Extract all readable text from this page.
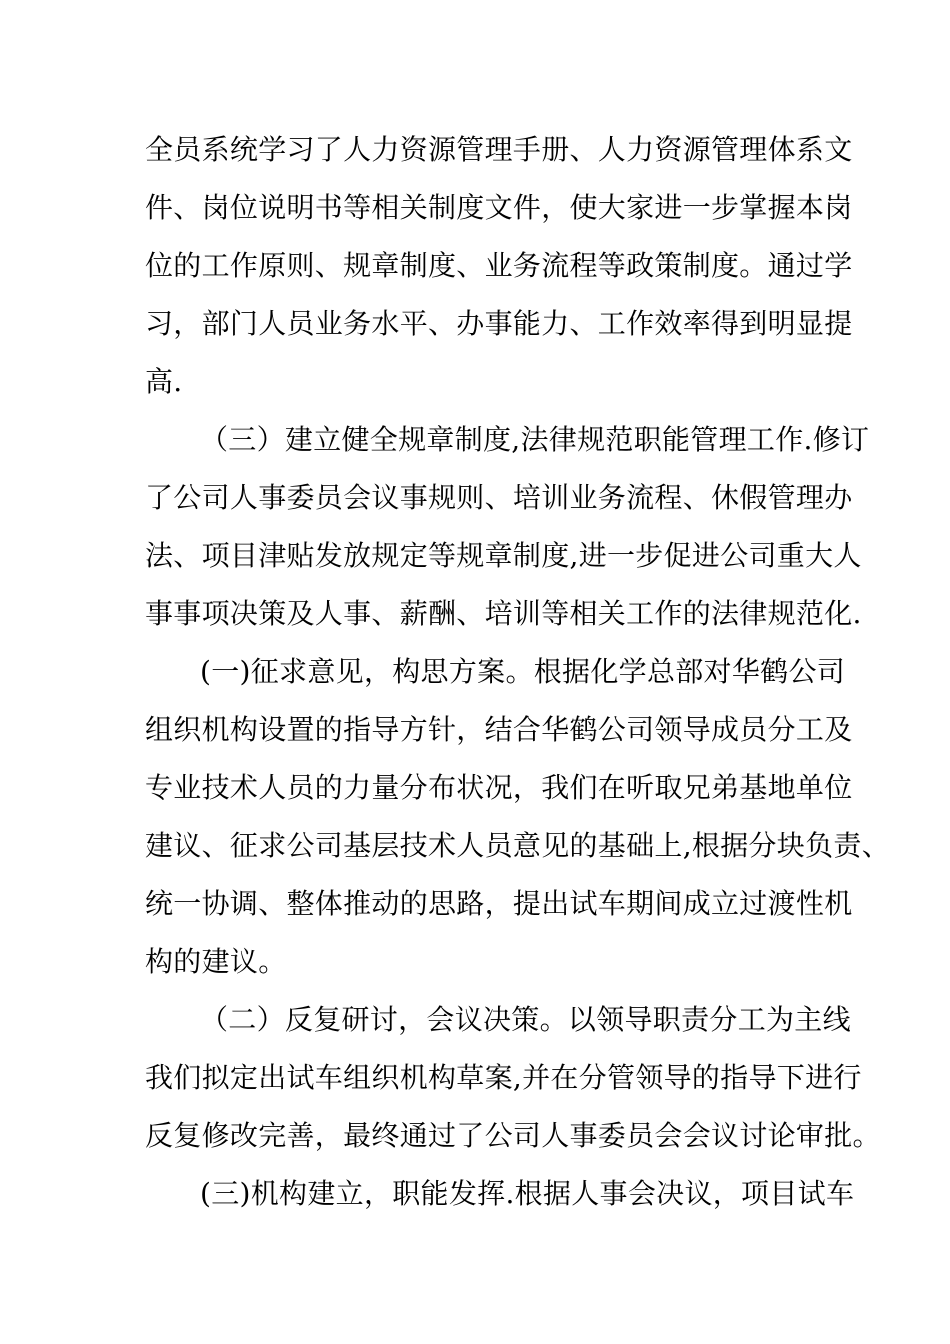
全员系统学习了人力资源管理手册、人力资源管理体系文
件、岗位说明书等相关制度文件，使大家进一步掌握本岗
位的工作原则、规章制度、业务流程等政策制度。通过学
习，部门人员业务水平、办事能力、工作效率得到明显提
高.
（三）建立健全规章制度,法律规范职能管理工作.修订
了公司人事委员会议事规则、培训业务流程、休假管理办
法、项目津贴发放规定等规章制度,进一步促进公司重大人
事事项决策及人事、薪酬、培训等相关工作的法律规范化.
(一)征求意见，构思方案。根据化学总部对华鹤公司
组织机构设置的指导方针，结合华鹤公司领导成员分工及
专业技术人员的力量分布状况，我们在听取兄弟基地单位
建议、征求公司基层技术人员意见的基础上,根据分块负责、
统一协调、整体推动的思路，提出试车期间成立过渡性机
构的建议。
（二）反复研讨，会议决策。以领导职责分工为主线
我们拟定出试车组织机构草案,并在分管领导的指导下进行
反复修改完善，最终通过了公司人事委员会会议讨论审批。
(三)机构建立，职能发挥.根据人事会决议，项目试车
